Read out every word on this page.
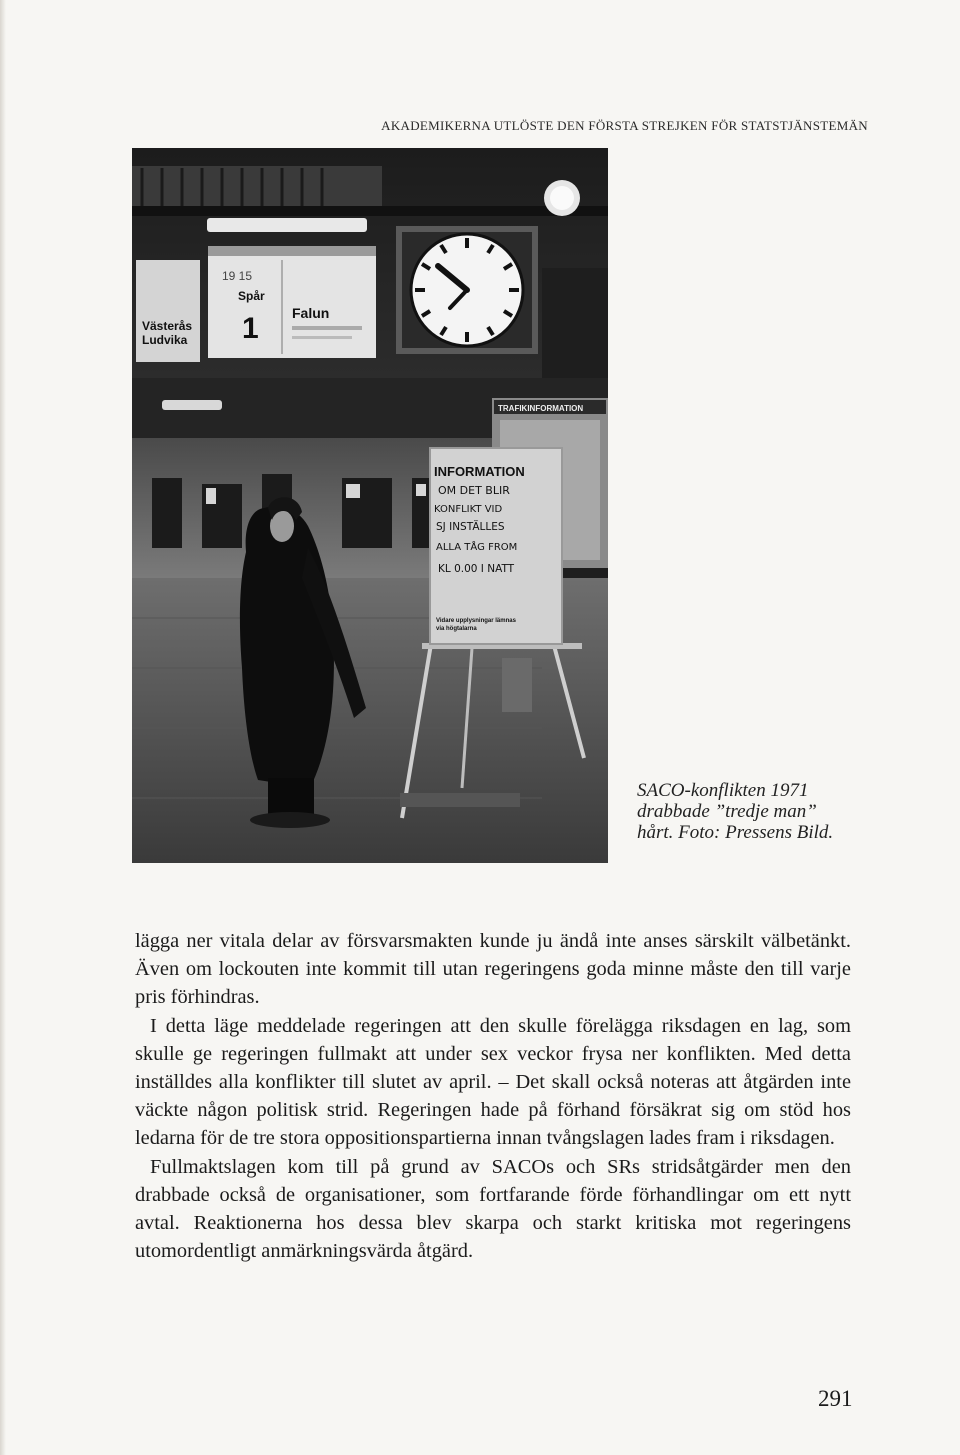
AKADEMIKERNA UTLÖSTE DEN FÖRSTA STREJKEN FÖR STATSTJÄNSTEMÄN
Västerås
Ludvika
19 15
Spår
1 Falun
TRAFIKINFORMATION
INFORMATION
OM DET BLIR
KONFLIKT VID
SJ INSTÄLLES
ALLA TÅG FROM
KL 0.00 I NATT
Vidare upplysningar lämnas
via högtalarna
SACO-konflikten 1971 drabbade ”tredje man” hårt. Foto: Pressens Bild.

lägga ner vitala delar av försvarsmakten kunde ju ändå inte anses särskilt välbetänkt. Även om lockouten inte kommit till utan regeringens goda minne måste den till varje pris förhindras.

I detta läge meddelade regeringen att den skulle förelägga riksdagen en lag, som skulle ge regeringen fullmakt att under sex veckor frysa ner konflikten. Med detta inställdes alla konflikter till slutet av april. – Det skall också noteras att åtgärden inte väckte någon politisk strid. Regeringen hade på förhand försäkrat sig om stöd hos ledarna för de tre stora oppositionspartierna innan tvångslagen lades fram i riksdagen.

Fullmaktslagen kom till på grund av SACOs och SRs stridsåtgärder men den drabbade också de organisationer, som fortfarande förde förhandlingar om ett nytt avtal. Reaktionerna hos dessa blev skarpa och starkt kritiska mot regeringens utomordentligt anmärkningsvärda åtgärd.

291
